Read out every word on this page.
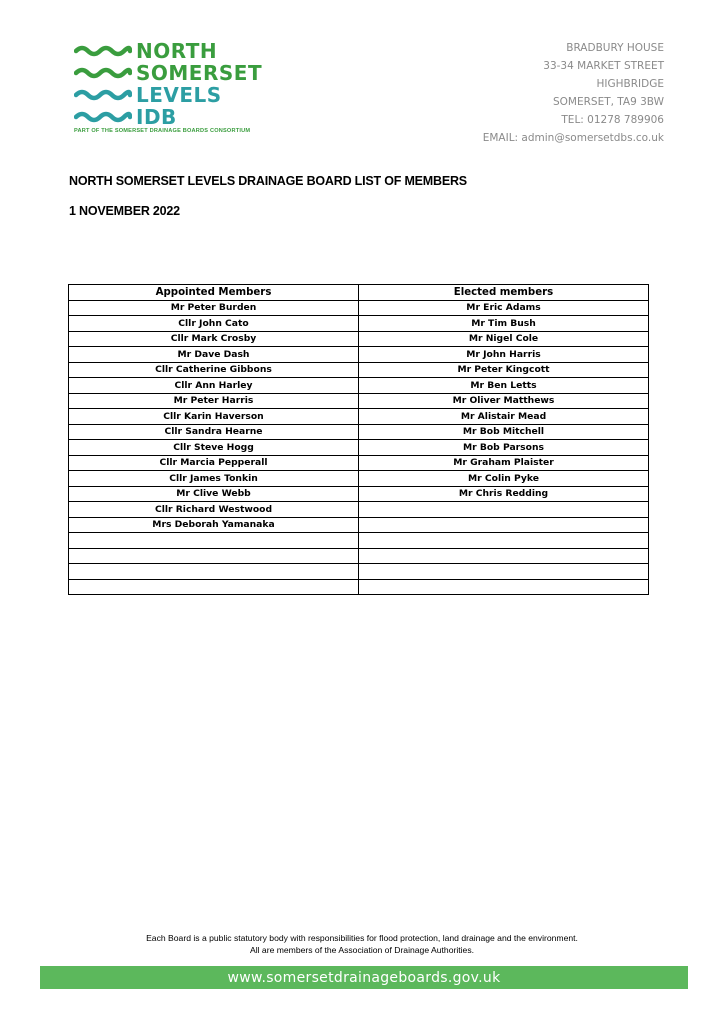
NORTH
SOMERSET
LEVELS
IDB
PART OF THE SOMERSET DRAINAGE BOARDS CONSORTIUM
BRADBURY HOUSE
33-34 MARKET STREET
HIGHBRIDGE
SOMERSET, TA9 3BW
TEL: 01278 789906
EMAIL: admin@somersetdbs.co.uk
NORTH SOMERSET LEVELS DRAINAGE BOARD LIST OF MEMBERS
1 NOVEMBER 2022
Appointed Members	Elected members
Mr Peter Burden	Mr Eric Adams
Cllr John Cato	Mr Tim Bush
Cllr Mark Crosby	Mr Nigel Cole
Mr Dave Dash	Mr John Harris
Cllr Catherine Gibbons	Mr Peter Kingcott
Cllr Ann Harley	Mr Ben Letts
Mr Peter Harris	Mr Oliver Matthews
Cllr Karin Haverson	Mr Alistair Mead
Cllr Sandra Hearne	Mr Bob Mitchell
Cllr Steve Hogg	Mr Bob Parsons
Cllr Marcia Pepperall	Mr Graham Plaister
Cllr James Tonkin	Mr Colin Pyke
Mr Clive Webb	Mr Chris Redding
Cllr Richard Westwood	
Mrs Deborah Yamanaka	

Each Board is a public statutory body with responsibilities for flood protection, land drainage and the environment.
All are members of the Association of Drainage Authorities.
www.somersetdrainageboards.gov.uk
